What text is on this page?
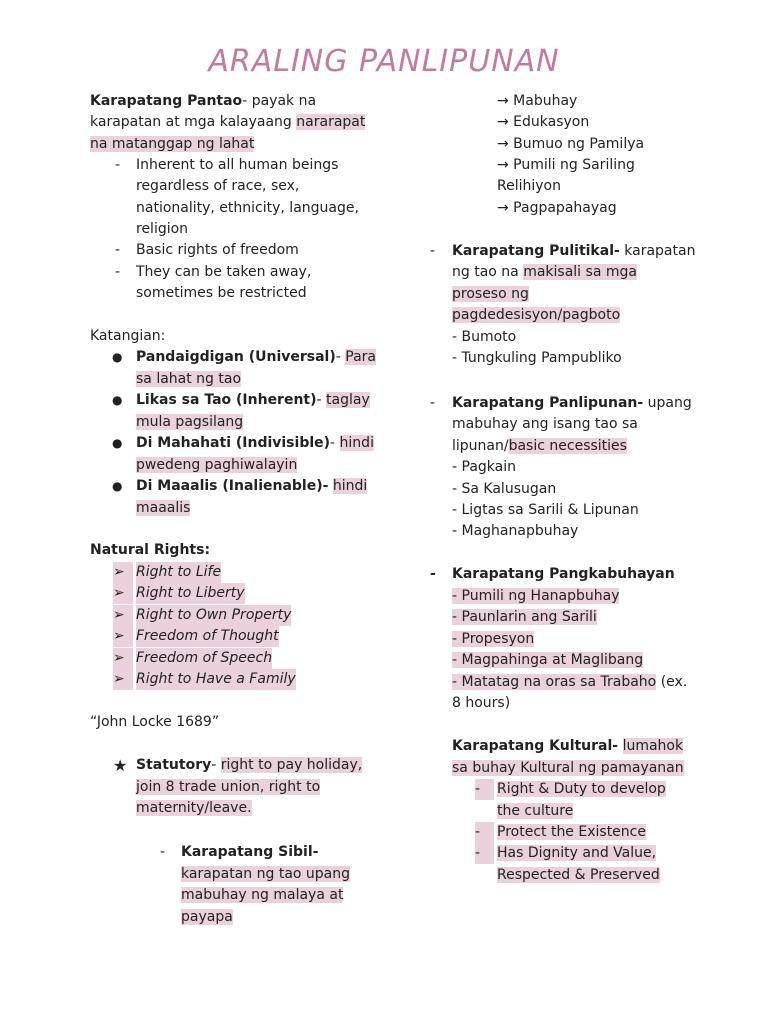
ARALING PANLIPUNAN
Karapatang Pantao- payak na
karapatan at mga kalayaang nararapat
na matanggap ng lahat
- Inherent to all human beings
regardless of race, sex,
nationality, ethnicity, language,
religion
- Basic rights of freedom
- They can be taken away,
sometimes be restricted
Katangian:
● Pandaigdigan (Universal)- Para
sa lahat ng tao
● Likas sa Tao (Inherent)- taglay
mula pagsilang
● Di Mahahati (Indivisible)- hindi
pwedeng paghiwalayin
● Di Maaalis (Inalienable)- hindi
maaalis
Natural Rights:
➢ Right to Life
➢ Right to Liberty
➢ Right to Own Property
➢ Freedom of Thought
➢ Freedom of Speech
➢ Right to Have a Family
“John Locke 1689”
★ Statutory- right to pay holiday,
join 8 trade union, right to
maternity/leave.
- Karapatang Sibil-
karapatan ng tao upang
mabuhay ng malaya at
payapa
→ Mabuhay
→ Edukasyon
→ Bumuo ng Pamilya
→ Pumili ng Sariling
Relihiyon
→ Pagpapahayag
- Karapatang Pulitikal- karapatan
ng tao na makisali sa mga
proseso ng
pagdedesisyon/pagboto
- Bumoto
- Tungkuling Pampubliko
- Karapatang Panlipunan- upang
mabuhay ang isang tao sa
lipunan/basic necessities
- Pagkain
- Sa Kalusugan
- Ligtas sa Sarili & Lipunan
- Maghanapbuhay
- Karapatang Pangkabuhayan
- Pumili ng Hanapbuhay
- Paunlarin ang Sarili
- Propesyon
- Magpahinga at Maglibang
- Matatag na oras sa Trabaho (ex.
8 hours)
Karapatang Kultural- lumahok
sa buhay Kultural ng pamayanan
-	Right & Duty to develop
the culture
-	Protect the Existence
-	Has Dignity and Value,
Respected & Preserved
